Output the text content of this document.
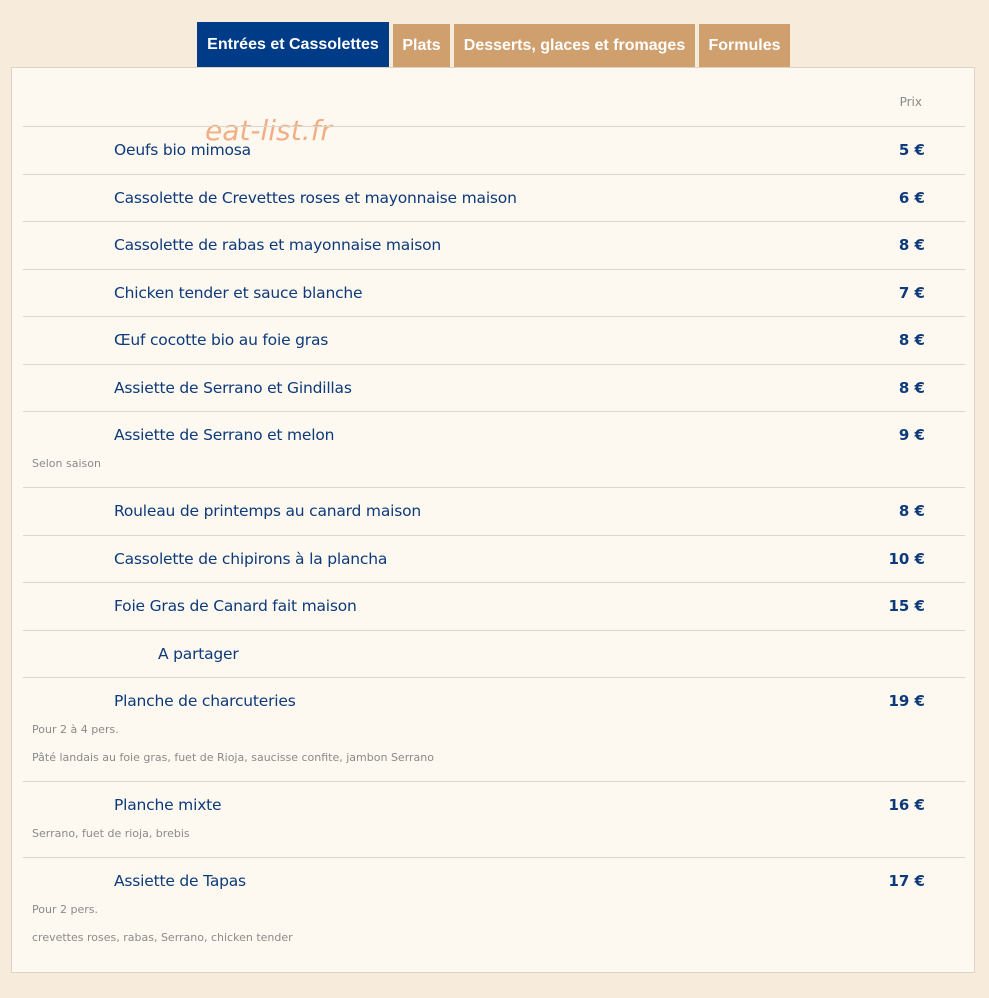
Entrées et Cassolettes	Plats	Desserts, glaces et fromages	Formules
Prix
eat-list.fr
Oeufs bio mimosa	5 €
Cassolette de Crevettes roses et mayonnaise maison	6 €
Cassolette de rabas et mayonnaise maison	8 €
Chicken tender et sauce blanche	7 €
Œuf cocotte bio au foie gras	8 €
Assiette de Serrano et Gindillas	8 €
Assiette de Serrano et melon	9 €
Selon saison
Rouleau de printemps au canard maison	8 €
Cassolette de chipirons à la plancha	10 €
Foie Gras de Canard fait maison	15 €
A partager
Planche de charcuteries	19 €
Pour 2 à 4 pers.
Pâté landais au foie gras, fuet de Rioja, saucisse confite, jambon Serrano
Planche mixte	16 €
Serrano, fuet de rioja, brebis
Assiette de Tapas	17 €
Pour 2 pers.
crevettes roses, rabas, Serrano, chicken tender
